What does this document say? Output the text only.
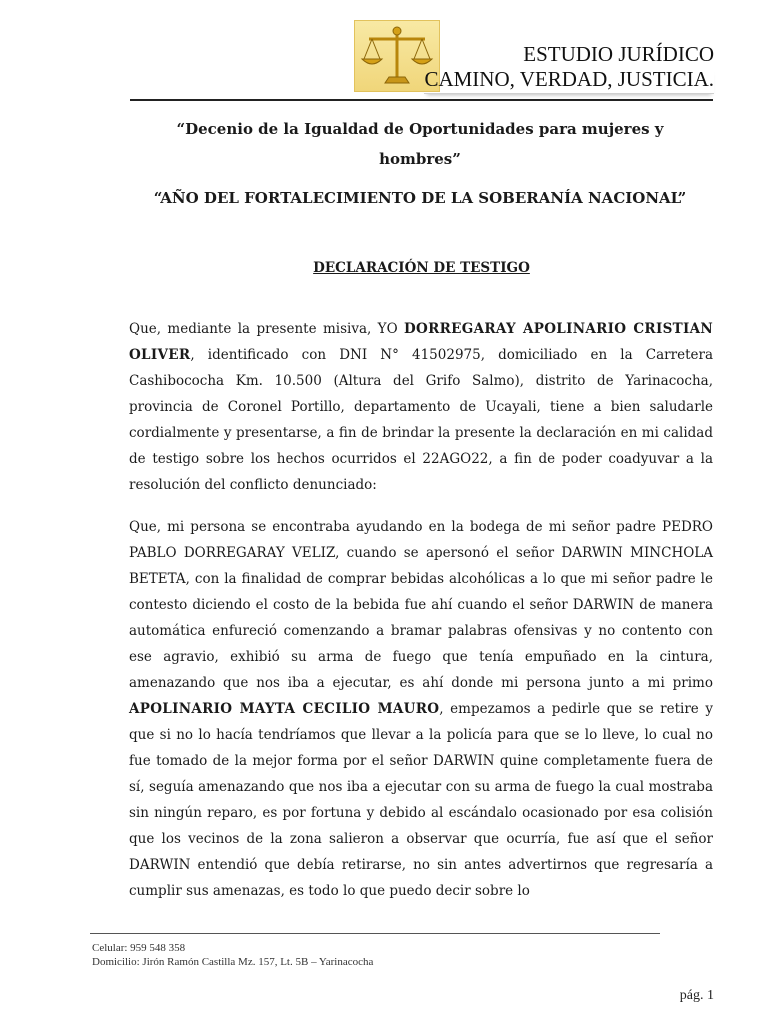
ESTUDIO JURÍDICO
CAMINO, VERDAD, JUSTICIA.
“Decenio de la Igualdad de Oportunidades para mujeres y
hombres”
“AÑO DEL FORTALECIMIENTO DE LA SOBERANÍA NACIONAL”
DECLARACIÓN DE TESTIGO

Que, mediante la presente misiva, YO DORREGARAY APOLINARIO CRISTIAN OLIVER, identificado con DNI N° 41502975, domiciliado en la Carretera Cashibococha Km. 10.500 (Altura del Grifo Salmo), distrito de Yarinacocha, provincia de Coronel Portillo, departamento de Ucayali, tiene a bien saludarle cordialmente y presentarse, a fin de brindar la presente la declaración en mi calidad de testigo sobre los hechos ocurridos el 22AGO22, a fin de poder coadyuvar a la resolución del conflicto denunciado:

Que, mi persona se encontraba ayudando en la bodega de mi señor padre PEDRO PABLO DORREGARAY VELIZ, cuando se apersonó el señor DARWIN MINCHOLA BETETA, con la finalidad de comprar bebidas alcohólicas a lo que mi señor padre le contesto diciendo el costo de la bebida fue ahí cuando el señor DARWIN de manera automática enfureció comenzando a bramar palabras ofensivas y no contento con ese agravio, exhibió su arma de fuego que tenía empuñado en la cintura, amenazando que nos iba a ejecutar, es ahí donde mi persona junto a mi primo APOLINARIO MAYTA CECILIO MAURO, empezamos a pedirle que se retire y que si no lo hacía tendríamos que llevar a la policía para que se lo lleve, lo cual no fue tomado de la mejor forma por el señor DARWIN quine completamente fuera de sí, seguía amenazando que nos iba a ejecutar con su arma de fuego la cual mostraba sin ningún reparo, es por fortuna y debido al escándalo ocasionado por esa colisión que los vecinos de la zona salieron a observar que ocurría, fue así que el señor DARWIN entendió que debía retirarse, no sin antes advertirnos que regresaría a cumplir sus amenazas, es todo lo que puedo decir sobre lo

Celular: 959 548 358
Domicilio: Jirón Ramón Castilla Mz. 157, Lt. 5B – Yarinacocha
pág. 1
